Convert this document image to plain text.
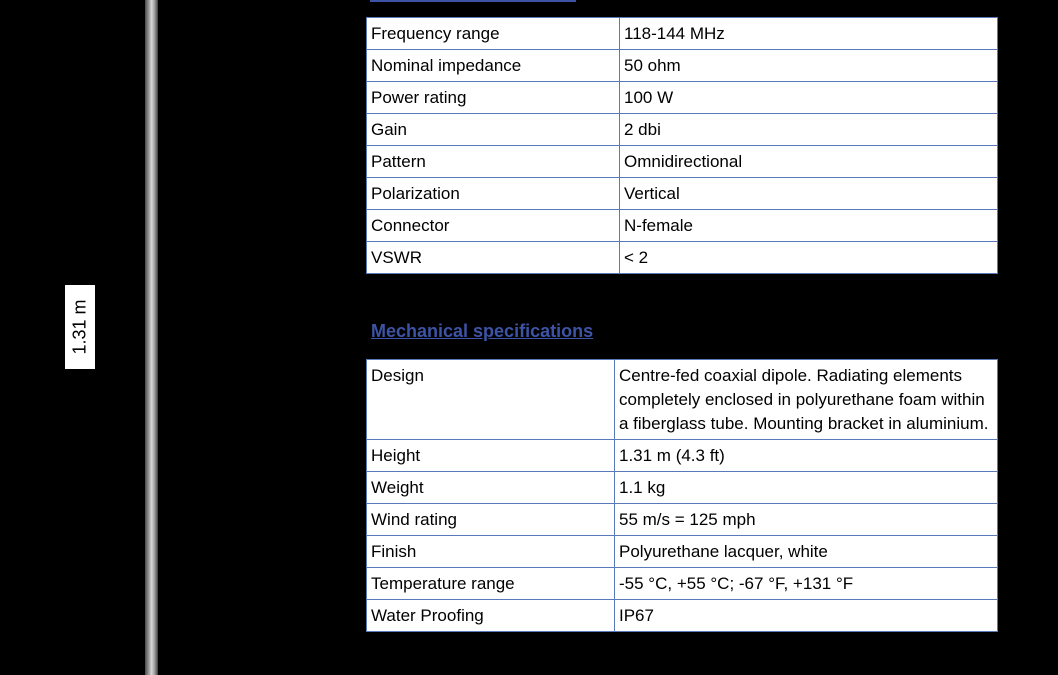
1.31 m
Frequency range	118-144 MHz
Nominal impedance	50 ohm
Power rating	100 W
Gain	2 dbi
Pattern	Omnidirectional
Polarization	Vertical
Connector	N-female
VSWR	< 2
Mechanical specifications
Design	Centre-fed coaxial dipole. Radiating elements completely enclosed in polyurethane foam within a fiberglass tube. Mounting bracket in aluminium.
Height	1.31 m (4.3 ft)
Weight	1.1 kg
Wind rating	55 m/s = 125 mph
Finish	Polyurethane lacquer, white
Temperature range	-55 °C, +55 °C; -67 °F, +131 °F
Water Proofing	IP67
